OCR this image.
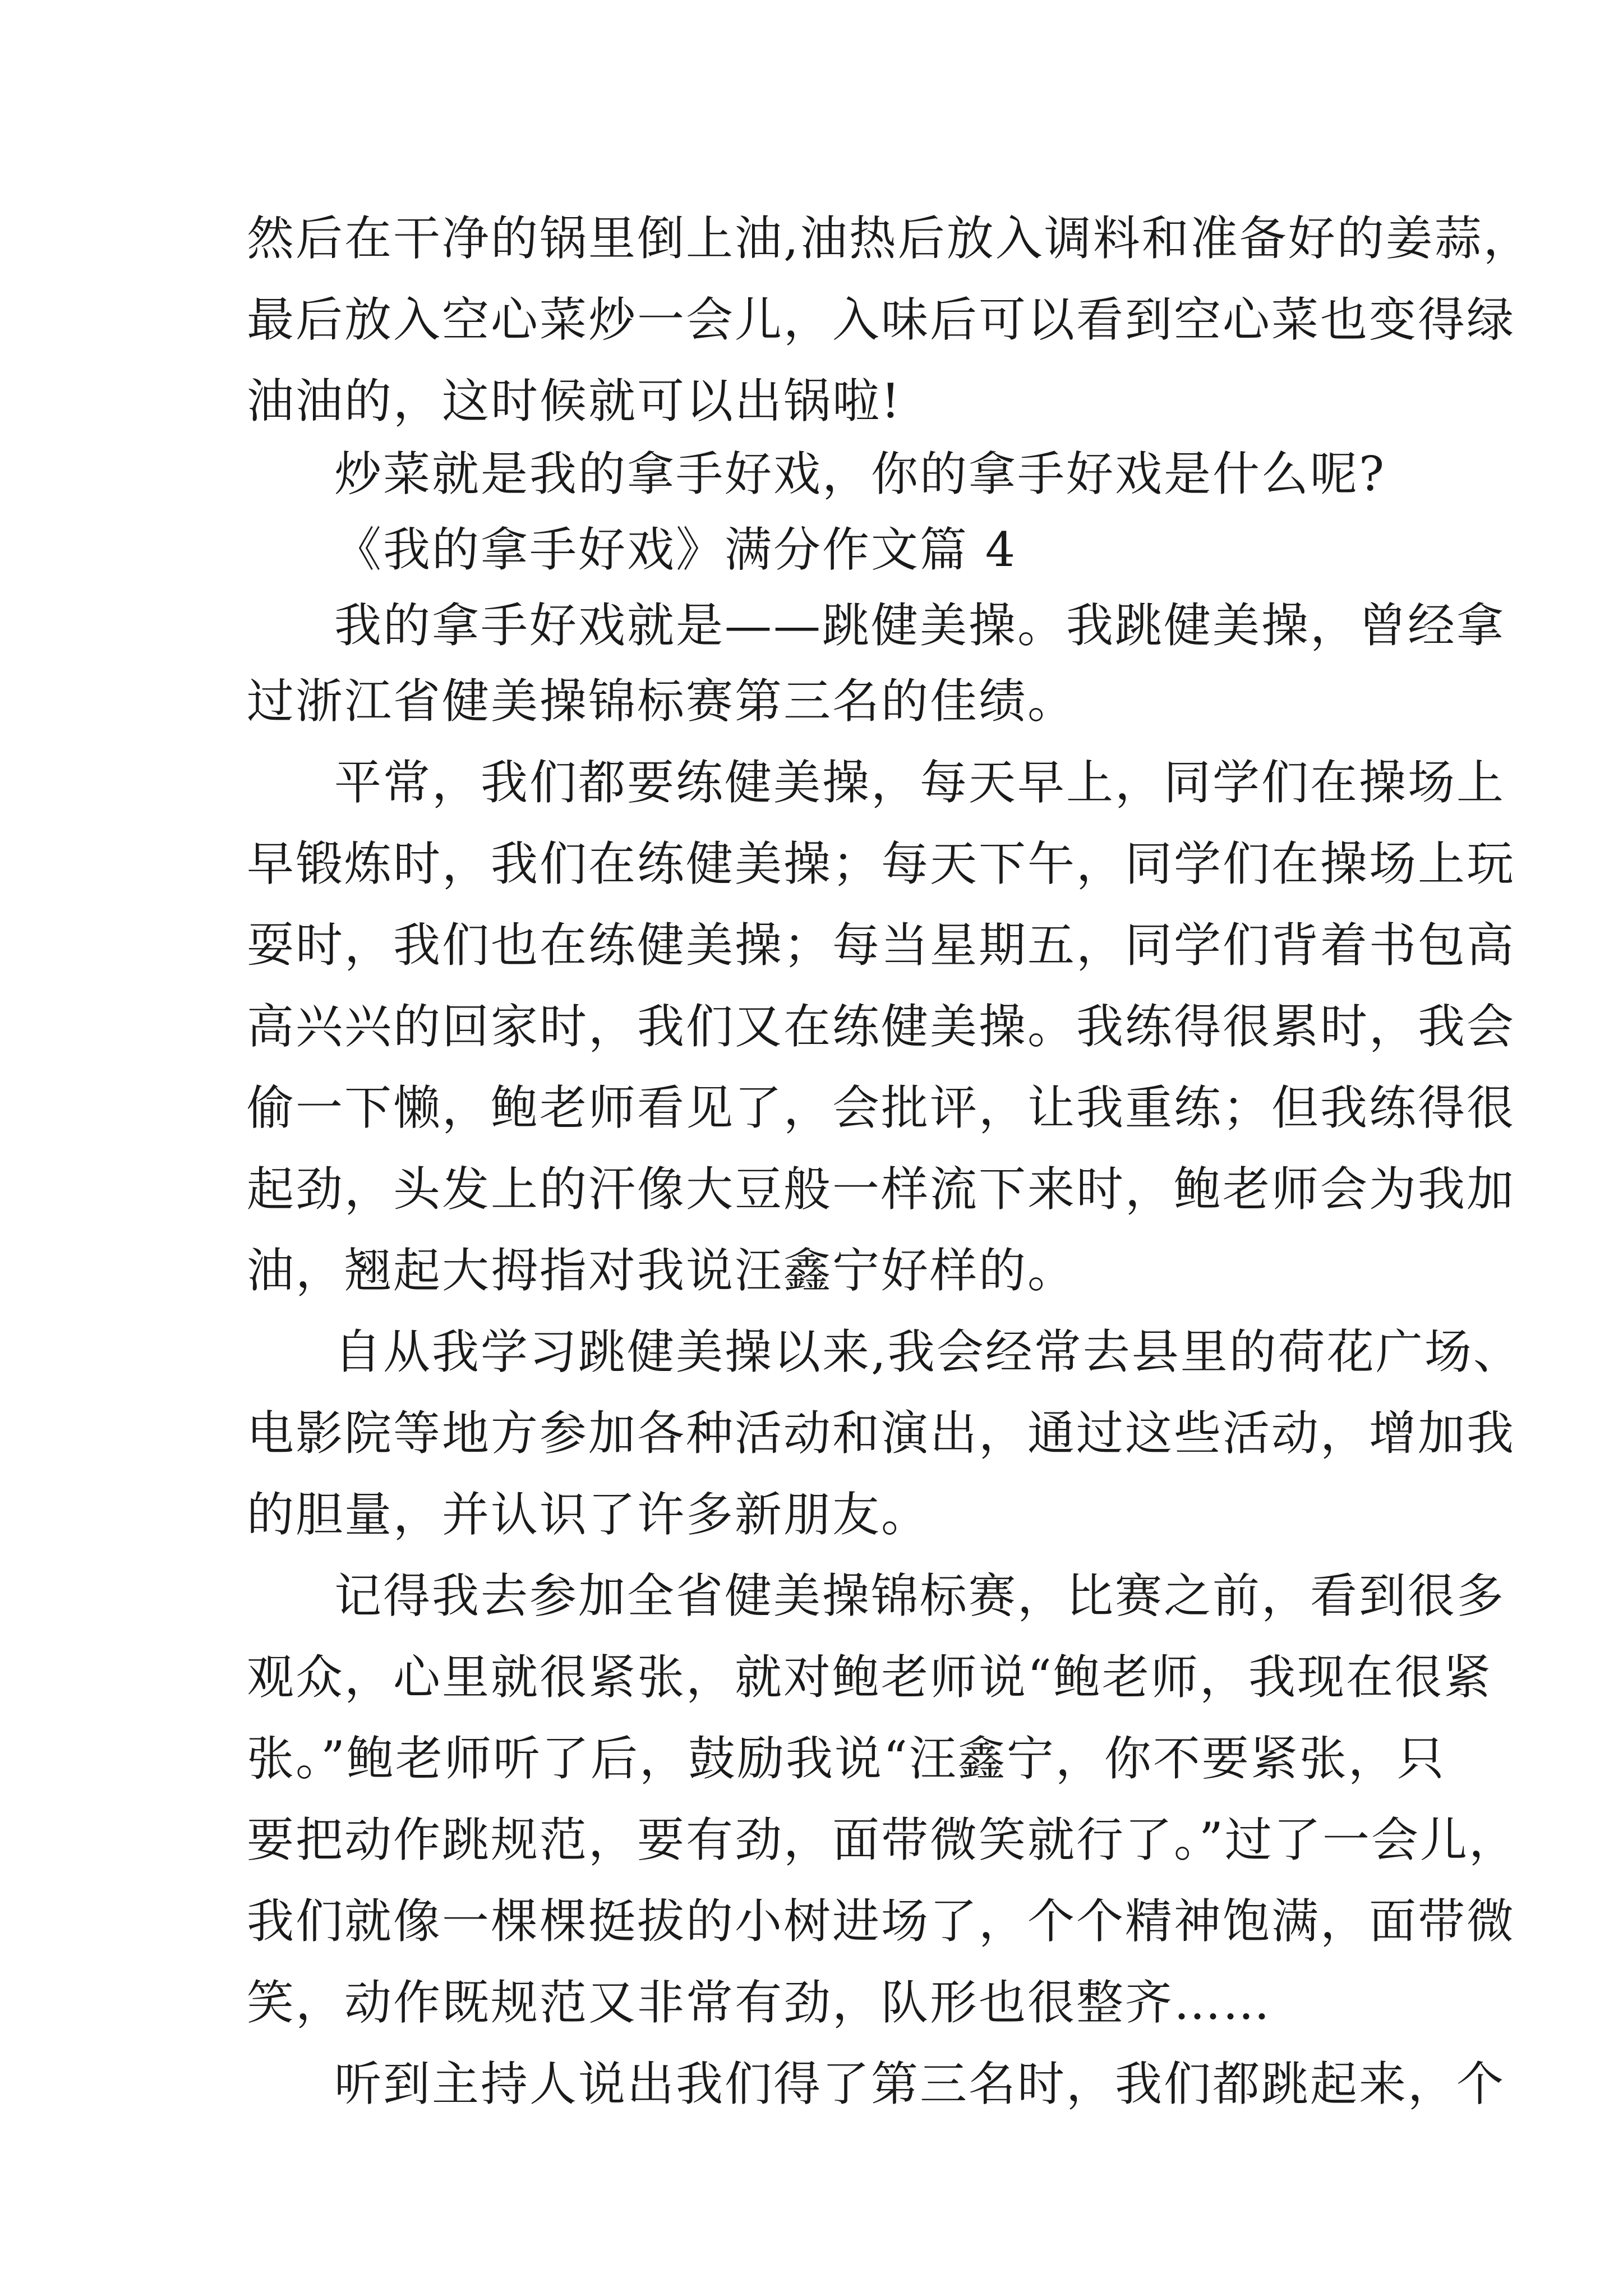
然后在干净的锅里倒上油,油热后放入调料和准备好的姜蒜，

最后放入空心菜炒一会儿，入味后可以看到空心菜也变得绿

油油的，这时候就可以出锅啦!

炒菜就是我的拿手好戏，你的拿手好戏是什么呢?

《我的拿手好戏》满分作文篇 4

我的拿手好戏就是——跳健美操。我跳健美操，曾经拿

过浙江省健美操锦标赛第三名的佳绩。

平常，我们都要练健美操，每天早上，同学们在操场上

早锻炼时，我们在练健美操；每天下午，同学们在操场上玩

耍时，我们也在练健美操；每当星期五，同学们背着书包高

高兴兴的回家时，我们又在练健美操。我练得很累时，我会

偷一下懒，鲍老师看见了，会批评，让我重练；但我练得很

起劲，头发上的汗像大豆般一样流下来时，鲍老师会为我加

油，翘起大拇指对我说汪鑫宁好样的。

自从我学习跳健美操以来,我会经常去县里的荷花广场、

电影院等地方参加各种活动和演出，通过这些活动，增加我

的胆量，并认识了许多新朋友。

记得我去参加全省健美操锦标赛，比赛之前，看到很多

观众，心里就很紧张，就对鲍老师说“鲍老师，我现在很紧

张。”鲍老师听了后，鼓励我说“汪鑫宁，你不要紧张，只

要把动作跳规范，要有劲，面带微笑就行了。”过了一会儿，

我们就像一棵棵挺拔的小树进场了，个个精神饱满，面带微

笑，动作既规范又非常有劲，队形也很整齐……

听到主持人说出我们得了第三名时，我们都跳起来，个
